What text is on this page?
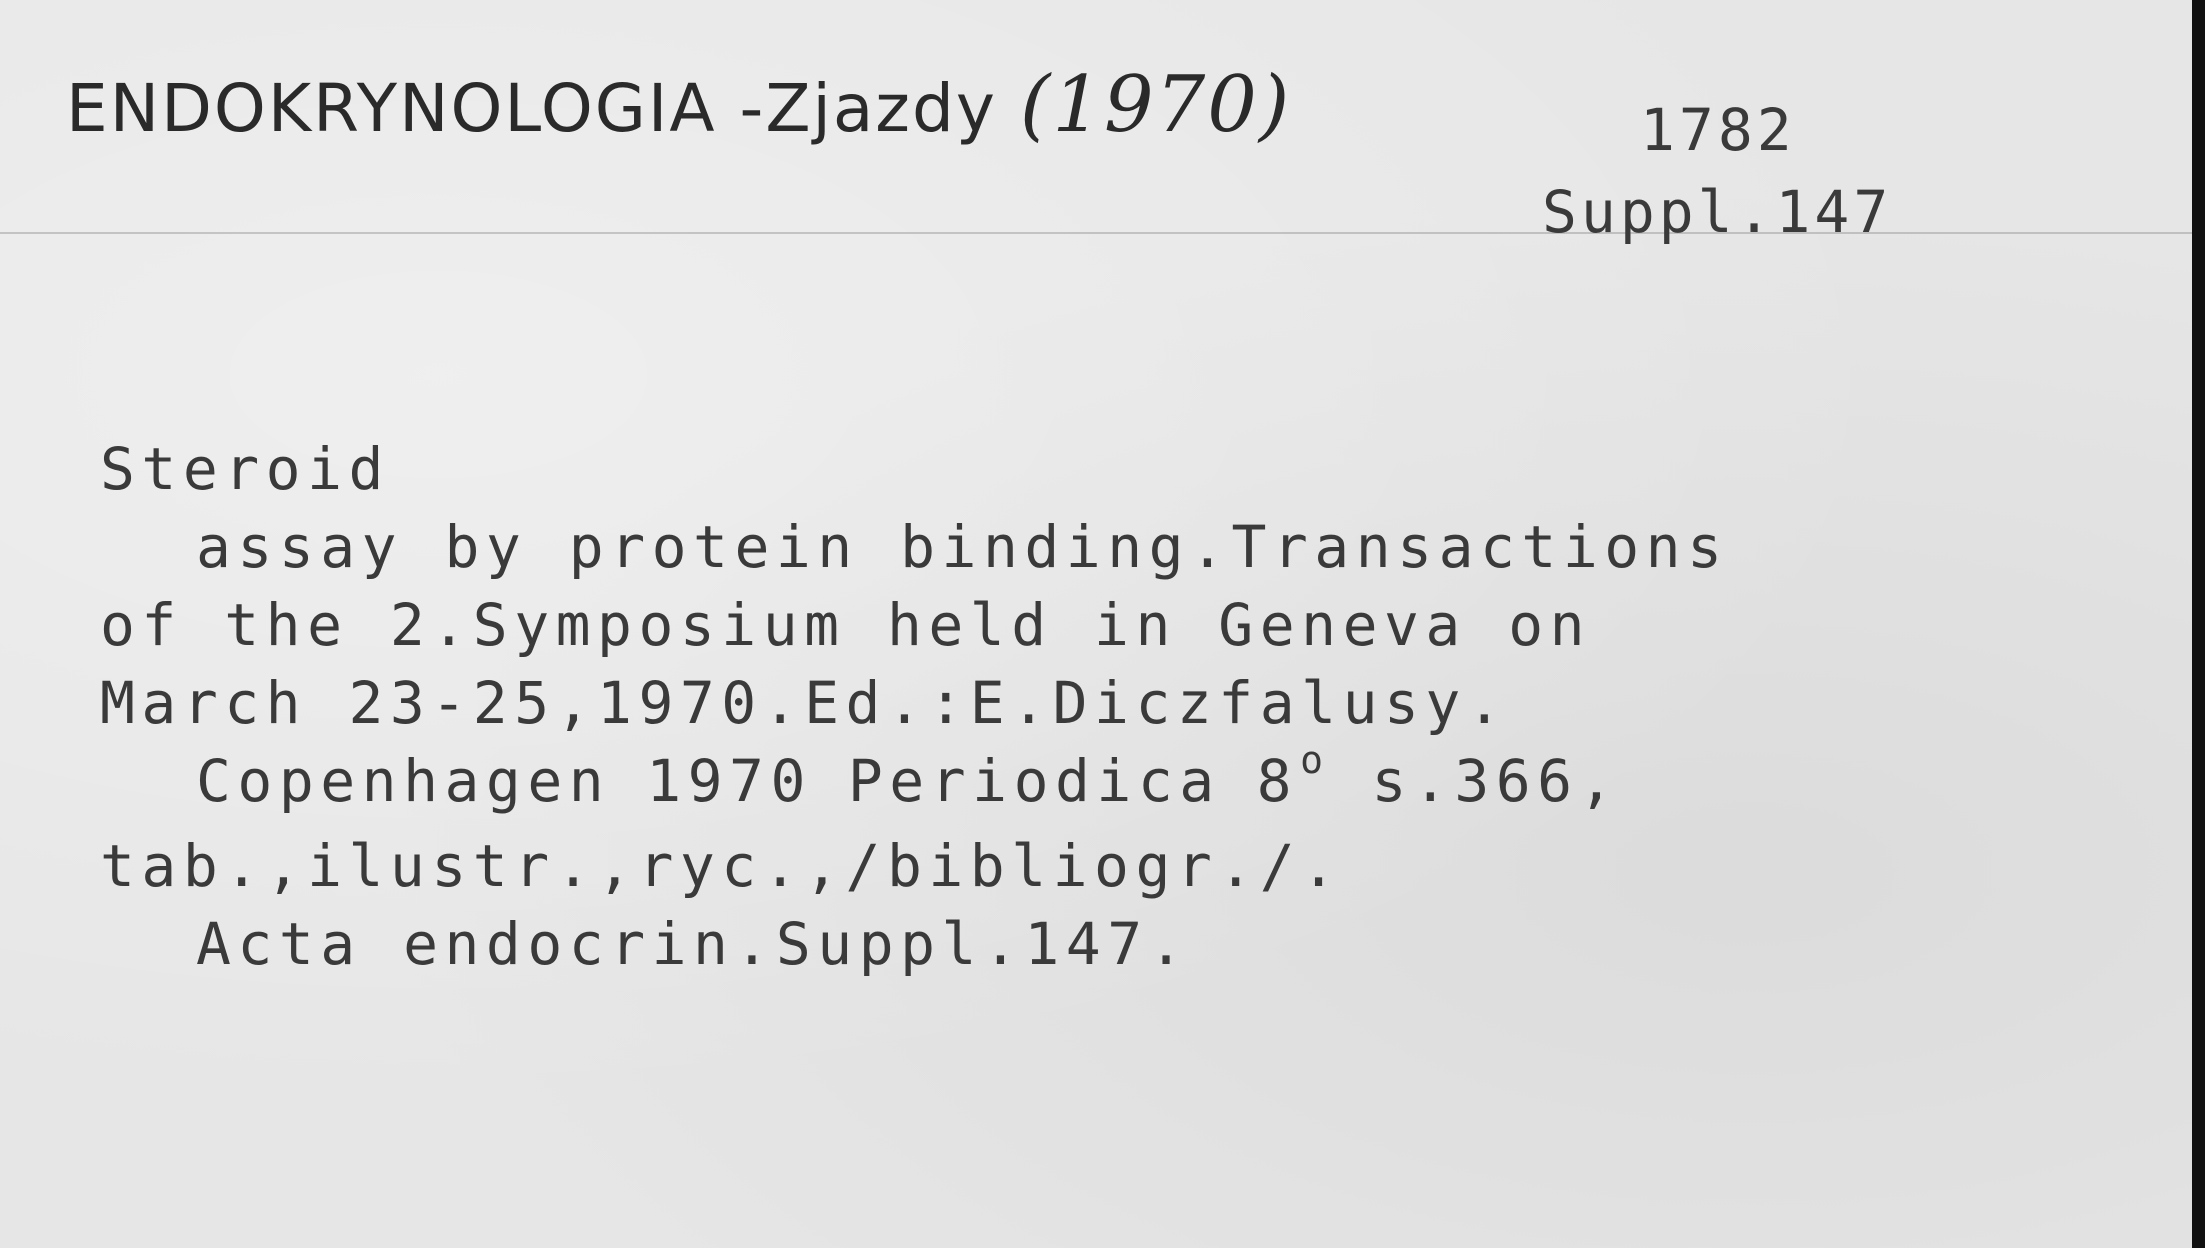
ENDOKRYNOLOGIA -Zjazdy (1970)	1782
Suppl.147
Steroid
assay by protein binding.Transactions
of the 2.Symposium held in Geneva on
March 23-25,1970.Ed.:E.Diczfalusy.
Copenhagen 1970 Periodica 8$^o$ s.366,
tab.,ilustr.,ryc.,/bibliogr./.
Acta endocrin.Suppl.147.
